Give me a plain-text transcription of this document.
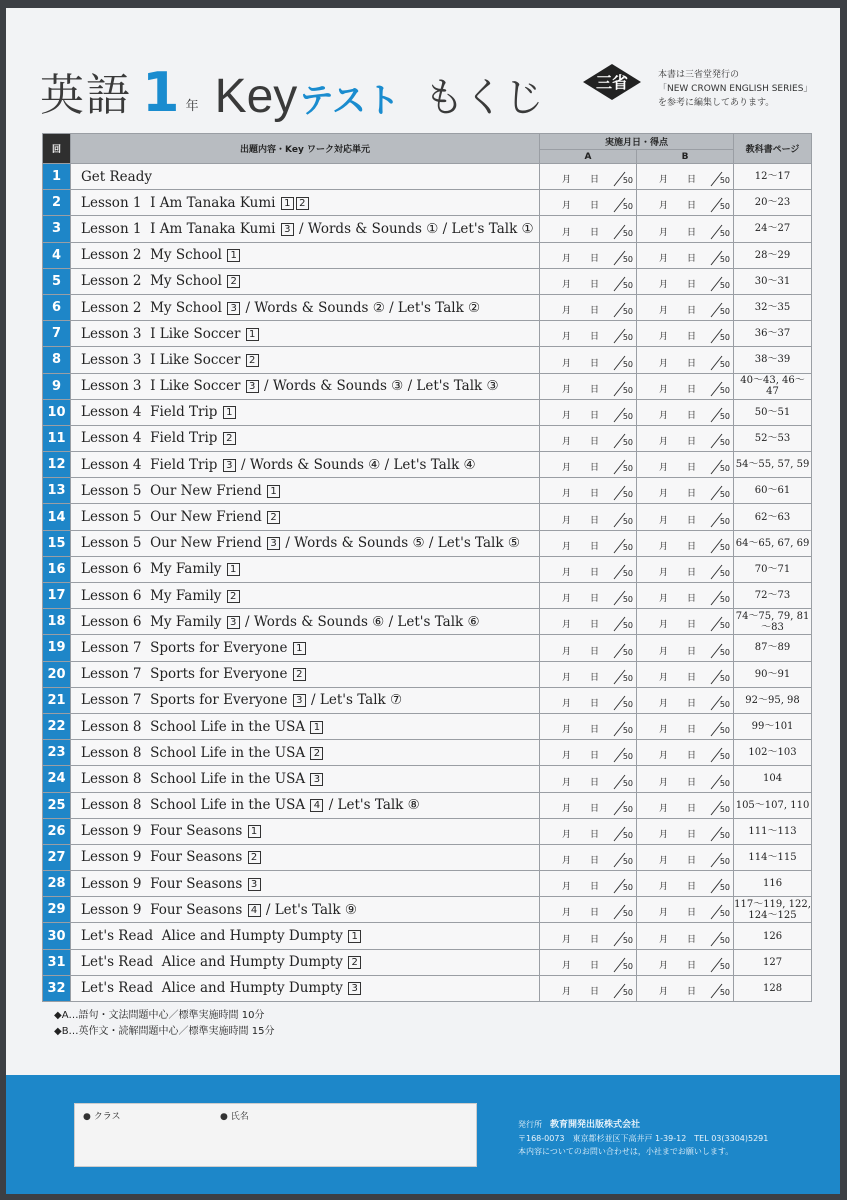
英語 1 年 Key テスト もくじ	三省	本書は三省堂発行の
「NEW CROWN ENGLISH SERIES」
を参考に編集してあります。
回	出題内容・Key ワーク対応単元	実施月日・得点		教科書ページ
		A	B	
1	Get Ready	月 日 50	月 日 50	12～17
2	Lesson 1 I Am Tanaka Kumi 1 2	月 日 50	月 日 50	20～23
3	Lesson 1 I Am Tanaka Kumi 3 / Words & Sounds ① / Let's Talk ①	月 日 50	月 日 50	24～27
4	Lesson 2 My School 1	月 日 50	月 日 50	28～29
5	Lesson 2 My School 2	月 日 50	月 日 50	30～31
6	Lesson 2 My School 3 / Words & Sounds ② / Let's Talk ②	月 日 50	月 日 50	32～35
7	Lesson 3 I Like Soccer 1	月 日 50	月 日 50	36～37
8	Lesson 3 I Like Soccer 2	月 日 50	月 日 50	38～39
9	Lesson 3 I Like Soccer 3 / Words & Sounds ③ / Let's Talk ③	月 日 50	月 日 50	40～43, 46～47
10	Lesson 4 Field Trip 1	月 日 50	月 日 50	50～51
11	Lesson 4 Field Trip 2	月 日 50	月 日 50	52～53
12	Lesson 4 Field Trip 3 / Words & Sounds ④ / Let's Talk ④	月 日 50	月 日 50	54～55, 57, 59
13	Lesson 5 Our New Friend 1	月 日 50	月 日 50	60～61
14	Lesson 5 Our New Friend 2	月 日 50	月 日 50	62～63
15	Lesson 5 Our New Friend 3 / Words & Sounds ⑤ / Let's Talk ⑤	月 日 50	月 日 50	64～65, 67, 69
16	Lesson 6 My Family 1	月 日 50	月 日 50	70～71
17	Lesson 6 My Family 2	月 日 50	月 日 50	72～73
18	Lesson 6 My Family 3 / Words & Sounds ⑥ / Let's Talk ⑥	月 日 50	月 日 50	74～75, 79, 81～83
19	Lesson 7 Sports for Everyone 1	月 日 50	月 日 50	87～89
20	Lesson 7 Sports for Everyone 2	月 日 50	月 日 50	90～91
21	Lesson 7 Sports for Everyone 3 / Let's Talk ⑦	月 日 50	月 日 50	92～95, 98
22	Lesson 8 School Life in the USA 1	月 日 50	月 日 50	99～101
23	Lesson 8 School Life in the USA 2	月 日 50	月 日 50	102～103
24	Lesson 8 School Life in the USA 3	月 日 50	月 日 50	104
25	Lesson 8 School Life in the USA 4 / Let's Talk ⑧	月 日 50	月 日 50	105～107, 110
26	Lesson 9 Four Seasons 1	月 日 50	月 日 50	111～113
27	Lesson 9 Four Seasons 2	月 日 50	月 日 50	114～115
28	Lesson 9 Four Seasons 3	月 日 50	月 日 50	116
29	Lesson 9 Four Seasons 4 / Let's Talk ⑨	月 日 50	月 日 50	117～119, 122, 124～125
30	Let's Read Alice and Humpty Dumpty 1	月 日 50	月 日 50	126
31	Let's Read Alice and Humpty Dumpty 2	月 日 50	月 日 50	127
32	Let's Read Alice and Humpty Dumpty 3	月 日 50	月 日 50	128
◆A…語句・文法問題中心／標準実施時間 10分
◆B…英作文・読解問題中心／標準実施時間 15分
● クラス	● 氏名
発行所　 教育開発出版株式会社
〒168-0073　東京都杉並区下高井戸 1-39-12　TEL 03(3304)5291
本内容についてのお問い合わせは，小社までお願いします。
